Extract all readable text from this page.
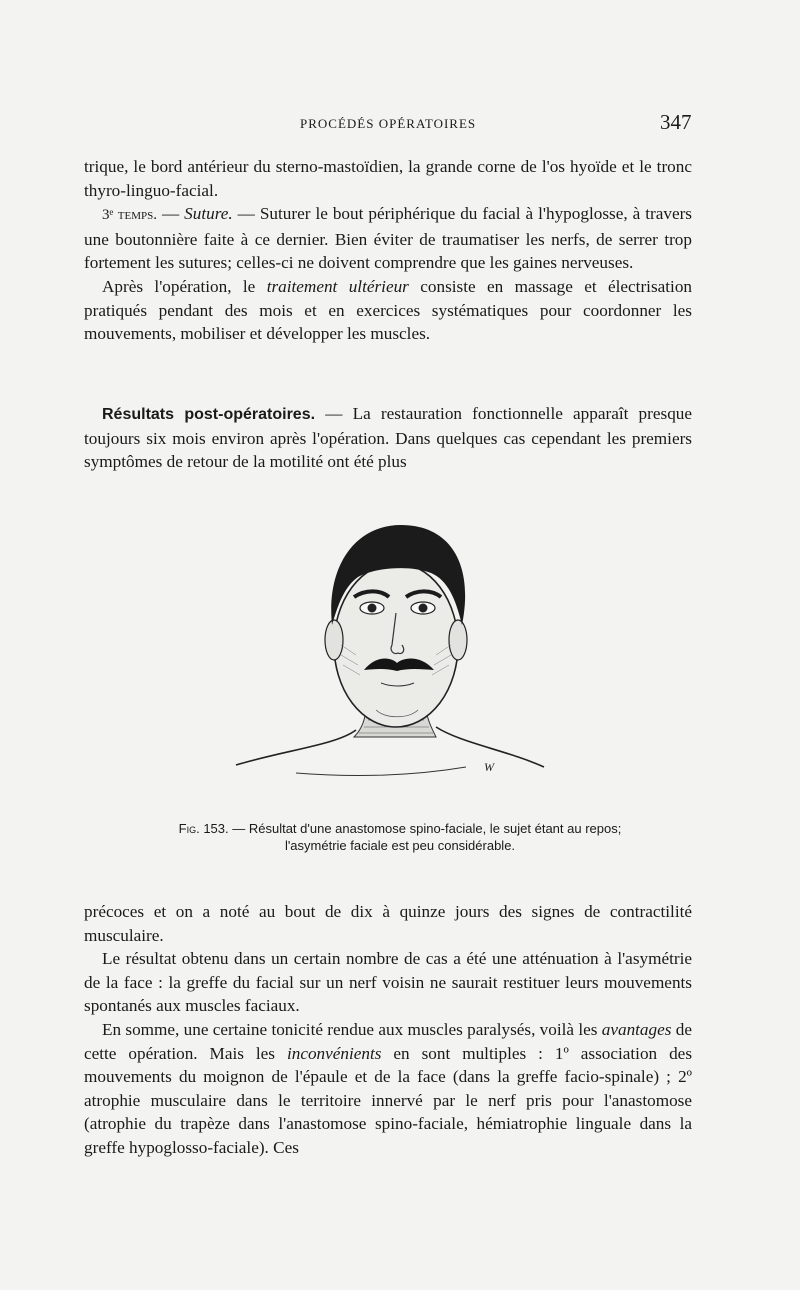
PROCÉDÉS OPÉRATOIRES	347

trique, le bord antérieur du sterno-mastoïdien, la grande corne de l'os hyoïde et le tronc thyro-linguo-facial.

3ᵉ temps. — Suture. — Suturer le bout périphérique du facial à l'hypoglosse, à travers une boutonnière faite à ce dernier. Bien éviter de traumatiser les nerfs, de serrer trop fortement les sutures; celles-ci ne doivent comprendre que les gaines nerveuses.

Après l'opération, le traitement ultérieur consiste en massage et électrisation pratiqués pendant des mois et en exercices systématiques pour coordonner les mouvements, mobiliser et développer les muscles.

Résultats post-opératoires. — La restauration fonctionnelle apparaît presque toujours six mois environ après l'opération. Dans quelques cas cependant les premiers symptômes de retour de la motilité ont été plus

W
Fig. 153. — Résultat d'une anastomose spino-faciale, le sujet étant au repos;
l'asymétrie faciale est peu considérable.

précoces et on a noté au bout de dix à quinze jours des signes de contractilité musculaire.

Le résultat obtenu dans un certain nombre de cas a été une atténuation à l'asymétrie de la face : la greffe du facial sur un nerf voisin ne saurait restituer leurs mouvements spontanés aux muscles faciaux.

En somme, une certaine tonicité rendue aux muscles paralysés, voilà les avantages de cette opération. Mais les inconvénients en sont multiples : 1º association des mouvements du moignon de l'épaule et de la face (dans la greffe facio-spinale) ; 2º atrophie musculaire dans le territoire innervé par le nerf pris pour l'anastomose (atrophie du trapèze dans l'anastomose spino-faciale, hémiatrophie linguale dans la greffe hypoglosso-faciale). Ces
